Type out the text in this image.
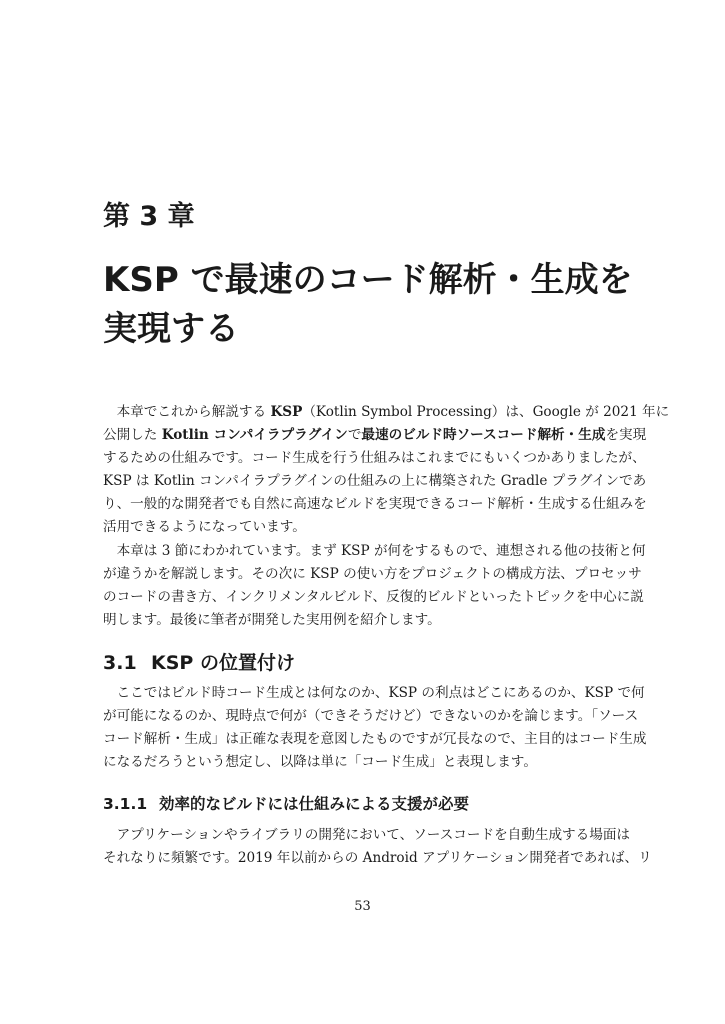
第 3 章
KSP で最速のコード解析・生成を
実現する
　本章でこれから解説する KSP（Kotlin Symbol Processing）は、Google が 2021 年に
公開した Kotlin コンパイラプラグインで最速のビルド時ソースコード解析・生成を実現
するための仕組みです。コード生成を行う仕組みはこれまでにもいくつかありましたが、
KSP は Kotlin コンパイラプラグインの仕組みの上に構築された Gradle プラグインであ
り、一般的な開発者でも自然に高速なビルドを実現できるコード解析・生成する仕組みを
活用できるようになっています。
　本章は 3 節にわかれています。まず KSP が何をするもので、連想される他の技術と何
が違うかを解説します。その次に KSP の使い方をプロジェクトの構成方法、プロセッサ
のコードの書き方、インクリメンタルビルド、反復的ビルドといったトピックを中心に説
明します。最後に筆者が開発した実用例を紹介します。
3.1 KSP の位置付け
　ここではビルド時コード生成とは何なのか、KSP の利点はどこにあるのか、KSP で何
が可能になるのか、現時点で何が（できそうだけど）できないのかを論じます。「ソース
コード解析・生成」は正確な表現を意図したものですが冗長なので、主目的はコード生成
になるだろうという想定し、以降は単に「コード生成」と表現します。
3.1.1 効率的なビルドには仕組みによる支援が必要
　アプリケーションやライブラリの開発において、ソースコードを自動生成する場面は
それなりに頻繁です。2019 年以前からの Android アプリケーション開発者であれば、リ
53
